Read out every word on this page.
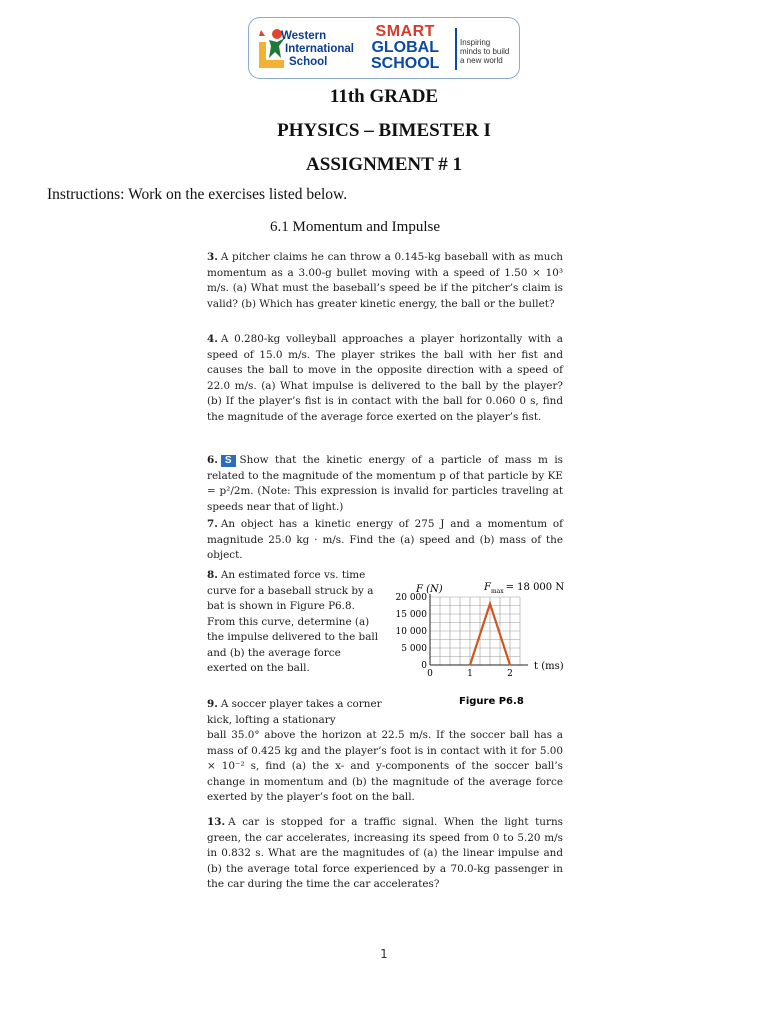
Western
International
School
SMART
GLOBAL
SCHOOL
Inspiring
minds to build
a new world
11th GRADE
PHYSICS – BIMESTER I
ASSIGNMENT # 1
Instructions: Work on the exercises listed below.
6.1 Momentum and Impulse
3. A pitcher claims he can throw a 0.145-kg baseball with as much momentum as a 3.00-g bullet moving with a speed of 1.50 × 10³ m/s. (a) What must the baseball’s speed be if the pitcher’s claim is valid? (b) Which has greater kinetic energy, the ball or the bullet?
4. A 0.280-kg volleyball approaches a player horizontally with a speed of 15.0 m/s. The player strikes the ball with her fist and causes the ball to move in the opposite direction with a speed of 22.0 m/s. (a) What impulse is delivered to the ball by the player? (b) If the player’s fist is in contact with the ball for 0.060 0 s, find the magnitude of the average force exerted on the player’s fist.
6. S Show that the kinetic energy of a particle of mass m is related to the magnitude of the momentum p of that particle by KE = p²/2m. (Note: This expression is invalid for particles traveling at speeds near that of light.)
7. An object has a kinetic energy of 275 J and a momentum of magnitude 25.0 kg · m/s. Find the (a) speed and (b) mass of the object.
8. An estimated force vs. time curve for a baseball struck by a bat is shown in Figure P6.8. From this curve, determine (a) the impulse delivered to the ball and (b) the average force exerted on the ball.
9. A soccer player takes a corner kick, lofting a stationary
ball 35.0° above the horizon at 22.5 m/s. If the soccer ball has a mass of 0.425 kg and the player’s foot is in contact with it for 5.00 × 10⁻² s, find (a) the x- and y-components of the soccer ball’s change in momentum and (b) the magnitude of the average force exerted by the player’s foot on the ball.
13. A car is stopped for a traffic signal. When the light turns green, the car accelerates, increasing its speed from 0 to 5.20 m/s in 0.832 s. What are the magnitudes of (a) the linear impulse and (b) the average total force experienced by a 70.0-kg passenger in the car during the time the car accelerates?
F (N)	$F_{max} = 18$ 000 N
20 000
15 000
10 000
5 000
0
0	1	2
t (ms)
Figure P6.8
1
